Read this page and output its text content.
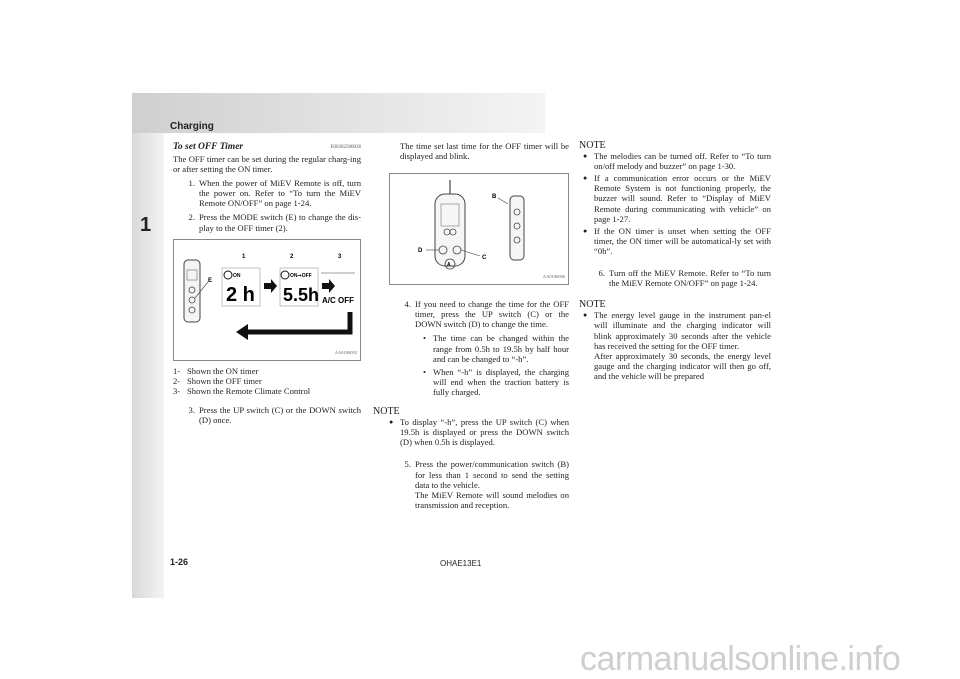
Charging
1
To set OFF Timer	E00302500038

The OFF timer can be set during the regular charg-ing or after setting the ON timer.

1. When the power of MiEV Remote is off, turn the power on. Refer to “To turn the MiEV Remote ON/OFF” on page 1-24.
2. Press the MODE switch (E) to change the dis-play to the OFF timer (2).
E
1	2	3
ON
2 h
ON➞OFF
5.5h A/C OFF
AA0106092
1- Shown the ON timer
2- Shown the OFF timer
3- Shown the Remote Climate Control
3. Press the UP switch (C) or the DOWN switch (D) once.

The time set last time for the OFF timer will be displayed and blink.

A
D
C
B
AA0106086
4. If you need to change the time for the OFF timer, press the UP switch (C) or the DOWN switch (D) to change the time.
• The time can be changed within the range from 0.5h to 19.5h by half hour and can be changed to “-h”.
• When “-h” is displayed, the charging will end when the traction battery is fully charged.
NOTE
● To display “-h”, press the UP switch (C) when 19.5h is displayed or press the DOWN switch (D) when 0.5h is displayed.
5. Press the power/communication switch (B) for less than 1 second to send the setting data to the vehicle.

The MiEV Remote will sound melodies on transmission and reception.

NOTE
● The melodies can be turned off. Refer to “To turn on/off melody and buzzer” on page 1-30.
● If a communication error occurs or the MiEV Remote System is not functioning properly, the buzzer will sound. Refer to “Display of MiEV Remote during communicating with vehicle” on page 1-27.
● If the ON timer is unset when setting the OFF timer, the ON timer will be automatical-ly set with “0h”.
6. Turn off the MiEV Remote. Refer to “To turn the MiEV Remote ON/OFF” on page 1-24.
NOTE
● The energy level gauge in the instrument pan-el will illuminate and the charging indicator will blink approximately 30 seconds after the vehicle has received the setting for the OFF timer.

After approximately 30 seconds, the energy level gauge and the charging indicator will then go off, and the vehicle will be prepared

1-26	OHAE13E1
carmanualsonline.info
